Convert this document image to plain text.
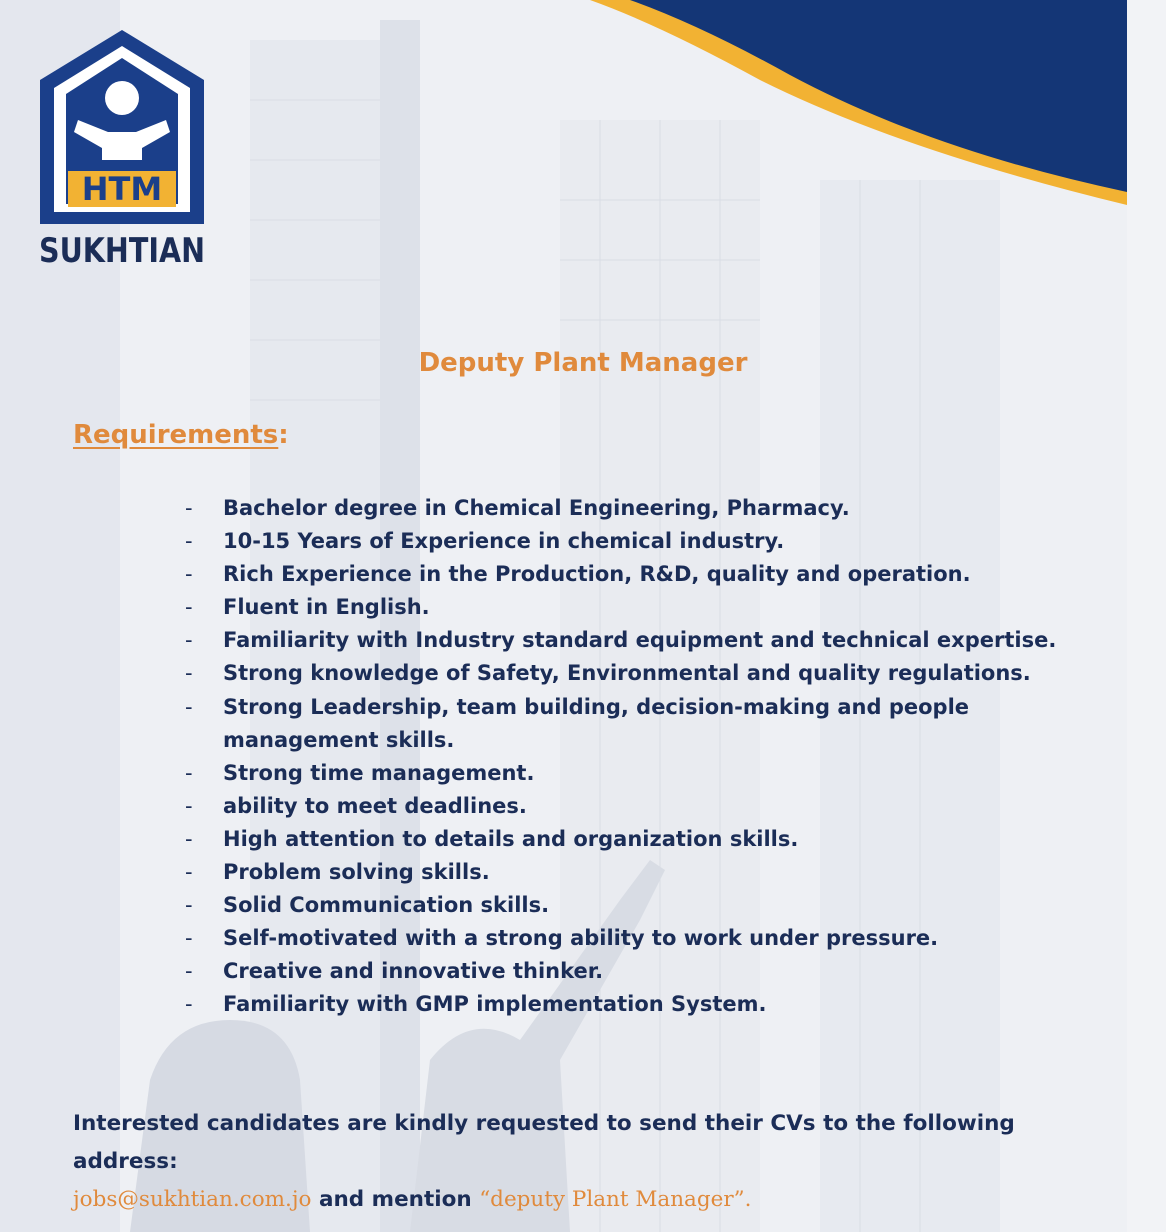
HTM
SUKHTIAN
Deputy Plant Manager
Requirements:
- Bachelor degree in Chemical Engineering, Pharmacy.
- 10-15 Years of Experience in chemical industry.
- Rich Experience in the Production, R&D, quality and operation.
- Fluent in English.
- Familiarity with Industry standard equipment and technical expertise.
- Strong knowledge of Safety, Environmental and quality regulations.
- Strong Leadership, team building, decision-making and people management skills.
- Strong time management.
- ability to meet deadlines.
- High attention to details and organization skills.
- Problem solving skills.
- Solid Communication skills.
- Self-motivated with a strong ability to work under pressure.
- Creative and innovative thinker.
- Familiarity with GMP implementation System.
Interested candidates are kindly requested to send their CVs to the following address:
jobs@sukhtian.com.jo and mention “deputy Plant Manager”.
